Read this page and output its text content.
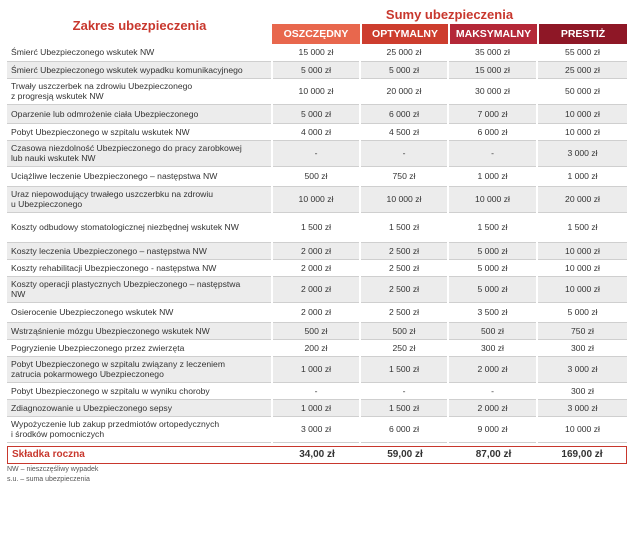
Zakres ubezpieczenia
Sumy ubezpieczenia
OSZCZĘDNY	OPTYMALNY	MAKSYMALNY	PRESTIŻ
Śmierć Ubezpieczonego wskutek NW	15 000 zł	25 000 zł	35 000 zł	55 000 zł
Śmierć Ubezpieczonego wskutek wypadku komunikacyjnego	5 000 zł	5 000 zł	15 000 zł	25 000 zł
Trwały uszczerbek na zdrowiu Ubezpieczonego
z progresją wskutek NW	10 000 zł	20 000 zł	30 000 zł	50 000 zł
Oparzenie lub odmrożenie ciała Ubezpieczonego	5 000 zł	6 000 zł	7 000 zł	10 000 zł
Pobyt Ubezpieczonego w szpitalu wskutek NW	4 000 zł	4 500 zł	6 000 zł	10 000 zł
Czasowa niezdolność Ubezpieczonego do pracy zarobkowej
lub nauki wskutek NW	-	-	-	3 000 zł
Uciążliwe leczenie Ubezpieczonego – następstwa NW	500 zł	750 zł	1 000 zł	1 000 zł
Uraz niepowodujący trwałego uszczerbku na zdrowiu
u Ubezpieczonego	10 000 zł	10 000 zł	10 000 zł	20 000 zł
Koszty odbudowy stomatologicznej niezbędnej wskutek NW	1 500 zł	1 500 zł	1 500 zł	1 500 zł
Koszty leczenia Ubezpieczonego – następstwa NW	2 000 zł	2 500 zł	5 000 zł	10 000 zł
Koszty rehabilitacji Ubezpieczonego - następstwa NW	2 000 zł	2 500 zł	5 000 zł	10 000 zł
Koszty operacji plastycznych Ubezpieczonego – następstwa
NW	2 000 zł	2 500 zł	5 000 zł	10 000 zł
Osierocenie Ubezpieczonego wskutek NW	2 000 zł	2 500 zł	3 500 zł	5 000 zł
Wstrząśnienie mózgu Ubezpieczonego wskutek NW	500 zł	500 zł	500 zł	750 zł
Pogryzienie Ubezpieczonego przez zwierzęta	200 zł	250 zł	300 zł	300 zł
Pobyt Ubezpieczonego w szpitalu związany z leczeniem
zatrucia pokarmowego Ubezpieczonego	1 000 zł	1 500 zł	2 000 zł	3 000 zł
Pobyt Ubezpieczonego w szpitalu w wyniku choroby	-	-	-	300 zł
Zdiagnozowanie u Ubezpieczonego sepsy	1 000 zł	1 500 zł	2 000 zł	3 000 zł
Wypożyczenie lub zakup przedmiotów ortopedycznych
i środków pomocniczych	3 000 zł	6 000 zł	9 000 zł	10 000 zł
Składka roczna	34,00 zł	59,00 zł	87,00 zł	169,00 zł
NW – nieszczęśliwy wypadek
s.u. – suma ubezpieczenia
